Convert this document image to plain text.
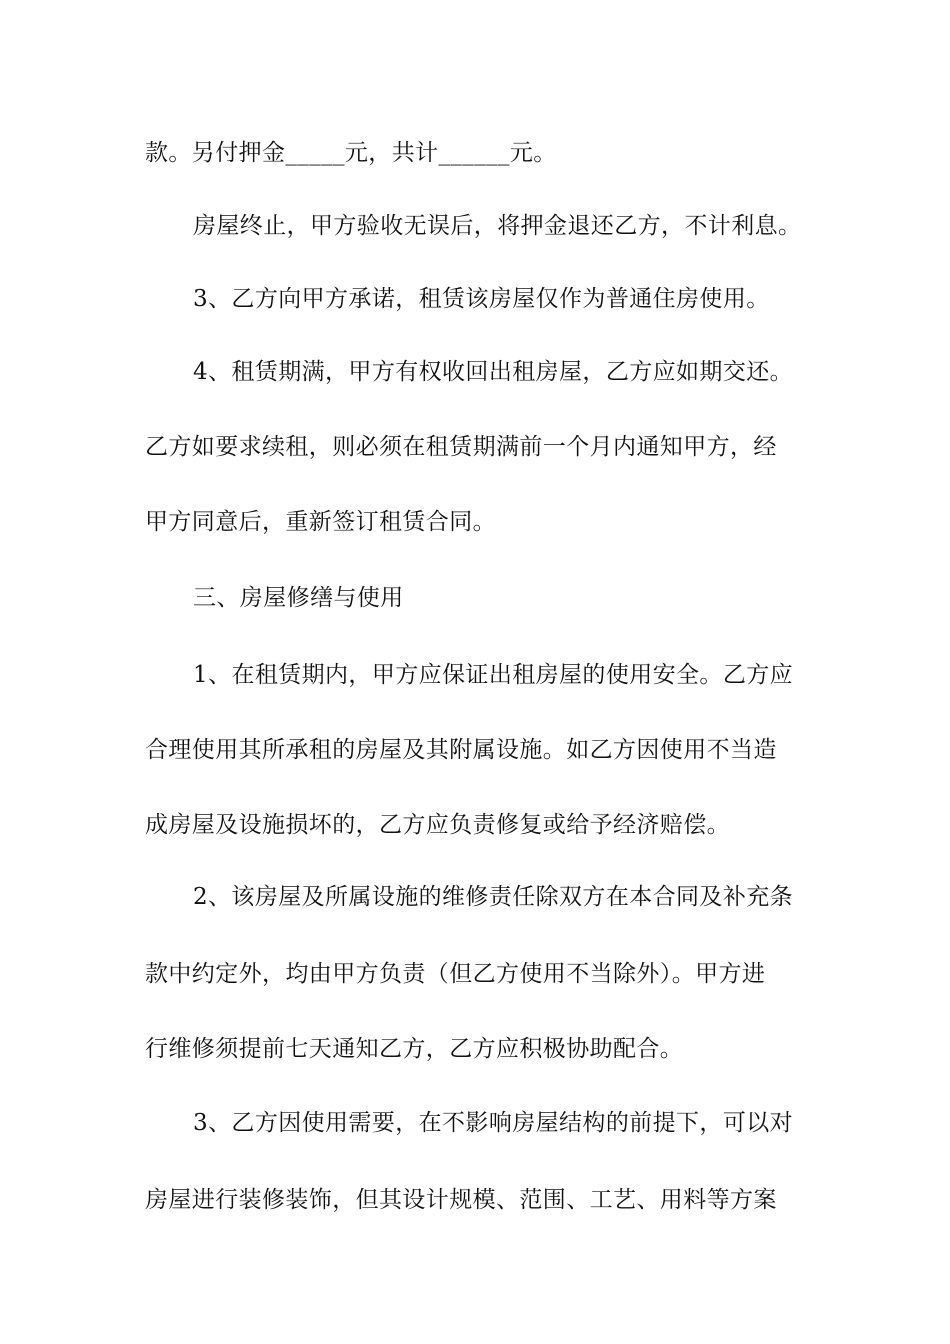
款。另付押金_____元，共计______元。
房屋终止，甲方验收无误后，将押金退还乙方，不计利息。
3、乙方向甲方承诺，租赁该房屋仅作为普通住房使用。
4、租赁期满，甲方有权收回出租房屋，乙方应如期交还。
乙方如要求续租，则必须在租赁期满前一个月内通知甲方，经
甲方同意后，重新签订租赁合同。
三、房屋修缮与使用
1、在租赁期内，甲方应保证出租房屋的使用安全。乙方应
合理使用其所承租的房屋及其附属设施。如乙方因使用不当造
成房屋及设施损坏的，乙方应负责修复或给予经济赔偿。
2、该房屋及所属设施的维修责任除双方在本合同及补充条
款中约定外，均由甲方负责（但乙方使用不当除外）。甲方进
行维修须提前七天通知乙方，乙方应积极协助配合。
3、乙方因使用需要，在不影响房屋结构的前提下，可以对
房屋进行装修装饰，但其设计规模、范围、工艺、用料等方案
